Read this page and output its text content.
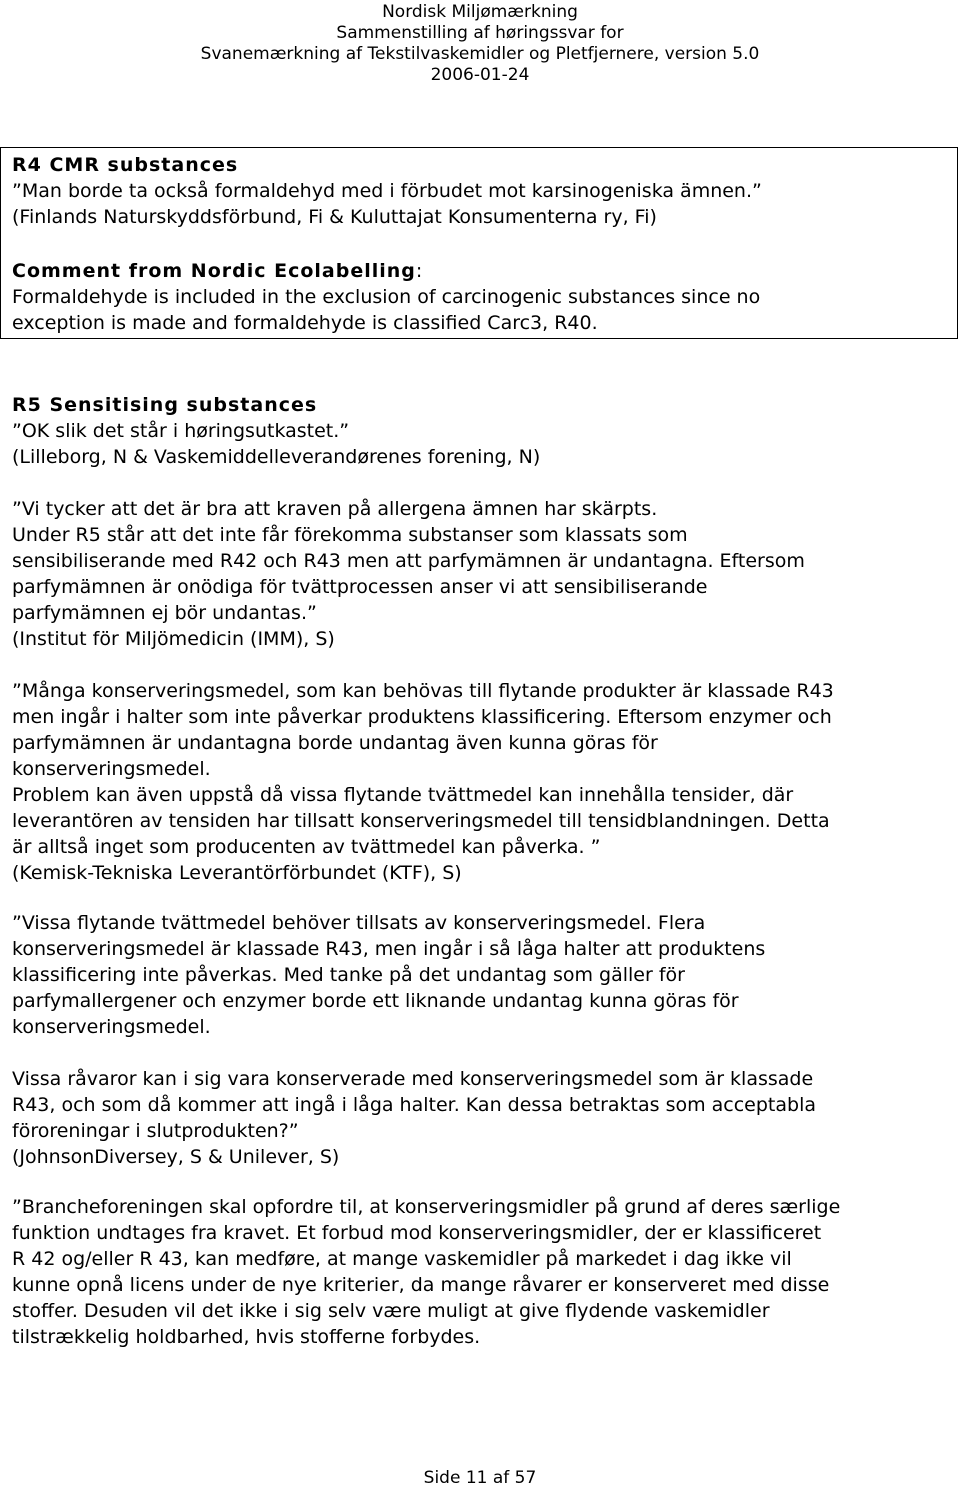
Nordisk Miljømærkning
Sammenstilling af høringssvar for
Svanemærkning af Tekstilvaskemidler og Pletfjernere, version 5.0
2006-01-24
R4 CMR substances
”Man borde ta också formaldehyd med i förbudet mot karsinogeniska ämnen.”
(Finlands Naturskyddsförbund, Fi & Kuluttajat Konsumenterna ry, Fi)
Comment from Nordic Ecolabelling:
Formaldehyde is included in the exclusion of carcinogenic substances since no
exception is made and formaldehyde is classified Carc3, R40.
R5 Sensitising substances
”OK slik det står i høringsutkastet.”
(Lilleborg, N & Vaskemiddelleverandørenes forening, N)
”Vi tycker att det är bra att kraven på allergena ämnen har skärpts.
Under R5 står att det inte får förekomma substanser som klassats som
sensibiliserande med R42 och R43 men att parfymämnen är undantagna. Eftersom
parfymämnen är onödiga för tvättprocessen anser vi att sensibiliserande
parfymämnen ej bör undantas.”
(Institut för Miljömedicin (IMM), S)
”Många konserveringsmedel, som kan behövas till flytande produkter är klassade R43
men ingår i halter som inte påverkar produktens klassificering. Eftersom enzymer och
parfymämnen är undantagna borde undantag även kunna göras för
konserveringsmedel.
Problem kan även uppstå då vissa flytande tvättmedel kan innehålla tensider, där
leverantören av tensiden har tillsatt konserveringsmedel till tensidblandningen. Detta
är alltså inget som producenten av tvättmedel kan påverka. ”
(Kemisk-Tekniska Leverantörförbundet (KTF), S)
”Vissa flytande tvättmedel behöver tillsats av konserveringsmedel. Flera
konserveringsmedel är klassade R43, men ingår i så låga halter att produktens
klassificering inte påverkas. Med tanke på det undantag som gäller för
parfymallergener och enzymer borde ett liknande undantag kunna göras för
konserveringsmedel.
Vissa råvaror kan i sig vara konserverade med konserveringsmedel som är klassade
R43, och som då kommer att ingå i låga halter. Kan dessa betraktas som acceptabla
föroreningar i slutprodukten?”
(JohnsonDiversey, S & Unilever, S)
”Brancheforeningen skal opfordre til, at konserveringsmidler på grund af deres særlige
funktion undtages fra kravet. Et forbud mod konserveringsmidler, der er klassificeret
R 42 og/eller R 43, kan medføre, at mange vaskemidler på markedet i dag ikke vil
kunne opnå licens under de nye kriterier, da mange råvarer er konserveret med disse
stoffer. Desuden vil det ikke i sig selv være muligt at give flydende vaskemidler
tilstrækkelig holdbarhed, hvis stofferne forbydes.
Side 11 af 57
